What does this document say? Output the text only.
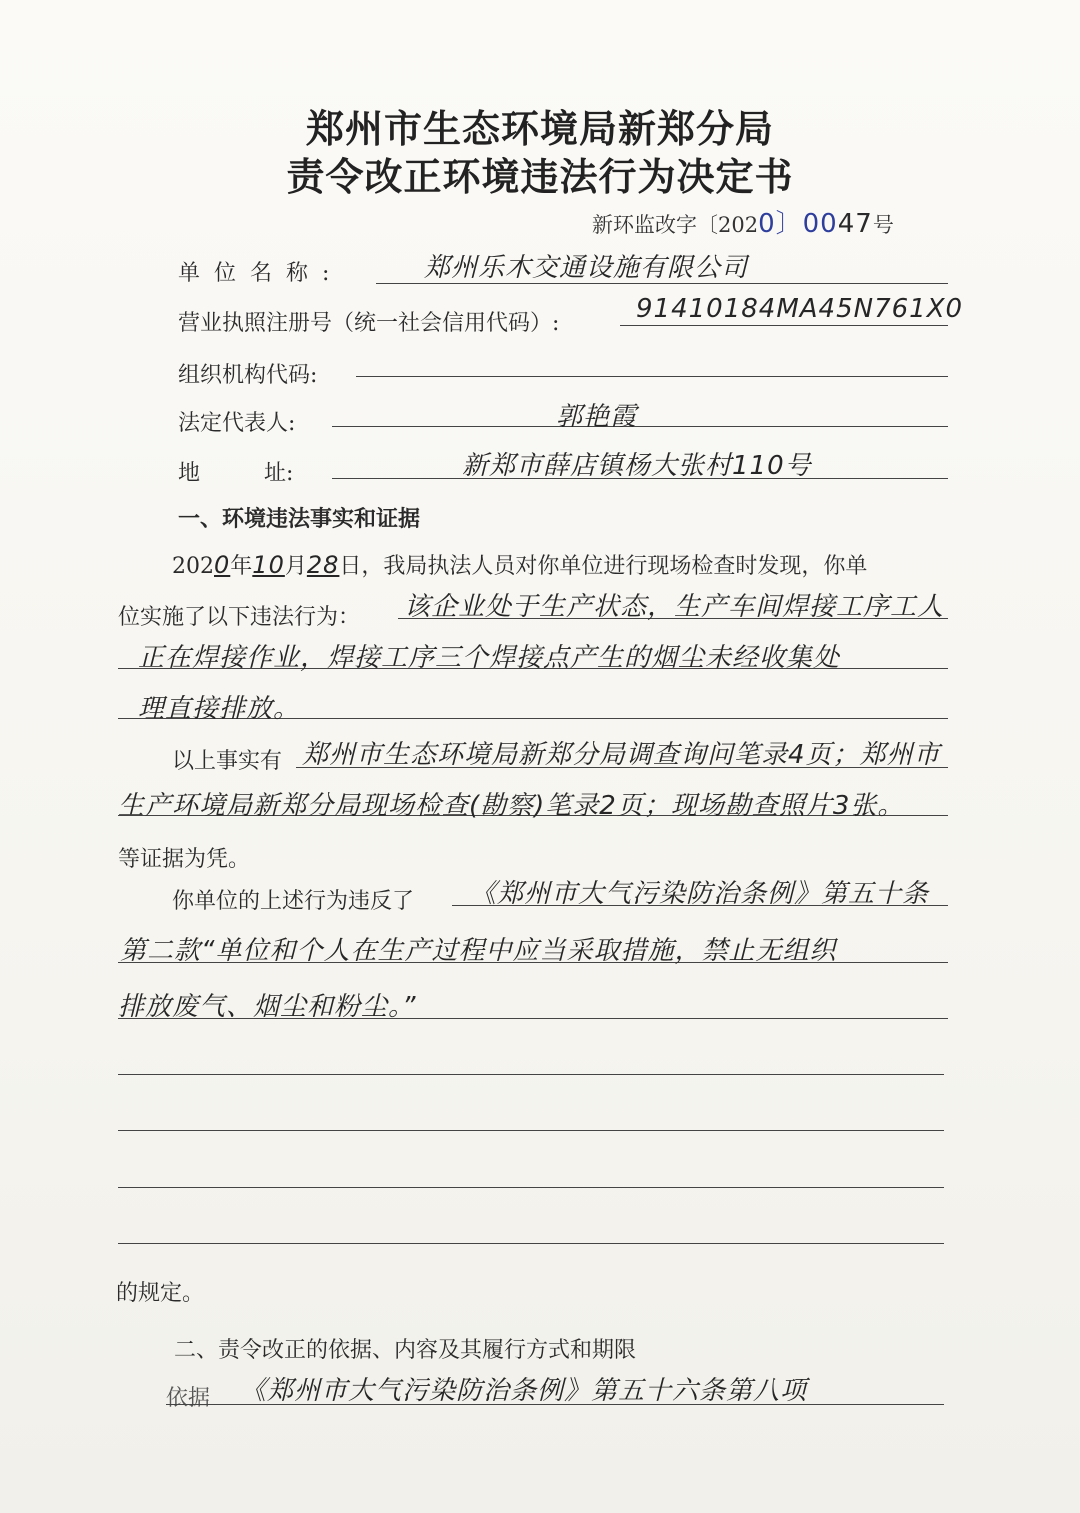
郑州市生态环境局新郑分局
责令改正环境违法行为决定书
新环监改字〔2020〕0047号
单位名称:	郑州乐木交通设施有限公司
营业执照注册号（统一社会信用代码）:	91410184MA45N761X0
组织机构代码:
法定代表人:	郭艳霞
地	址:	新郑市薛店镇杨大张村110号
一、环境违法事实和证据
2020年10月28日，我局执法人员对你单位进行现场检查时发现，你单
位实施了以下违法行为： 该企业处于生产状态，生产车间焊接工序工人
正在焊接作业，焊接工序三个焊接点产生的烟尘未经收集处
理直接排放。
以上事实有 郑州市生态环境局新郑分局调查询问笔录4页；郑州市
生产环境局新郑分局现场检查(勘察)笔录2页；现场勘查照片3张。
等证据为凭。
你单位的上述行为违反了 《郑州市大气污染防治条例》第五十条
第二款“单位和个人在生产过程中应当采取措施，禁止无组织
排放废气、烟尘和粉尘。”
的规定。
二、责令改正的依据、内容及其履行方式和期限
依据 《郑州市大气污染防治条例》第五十六条第八项
